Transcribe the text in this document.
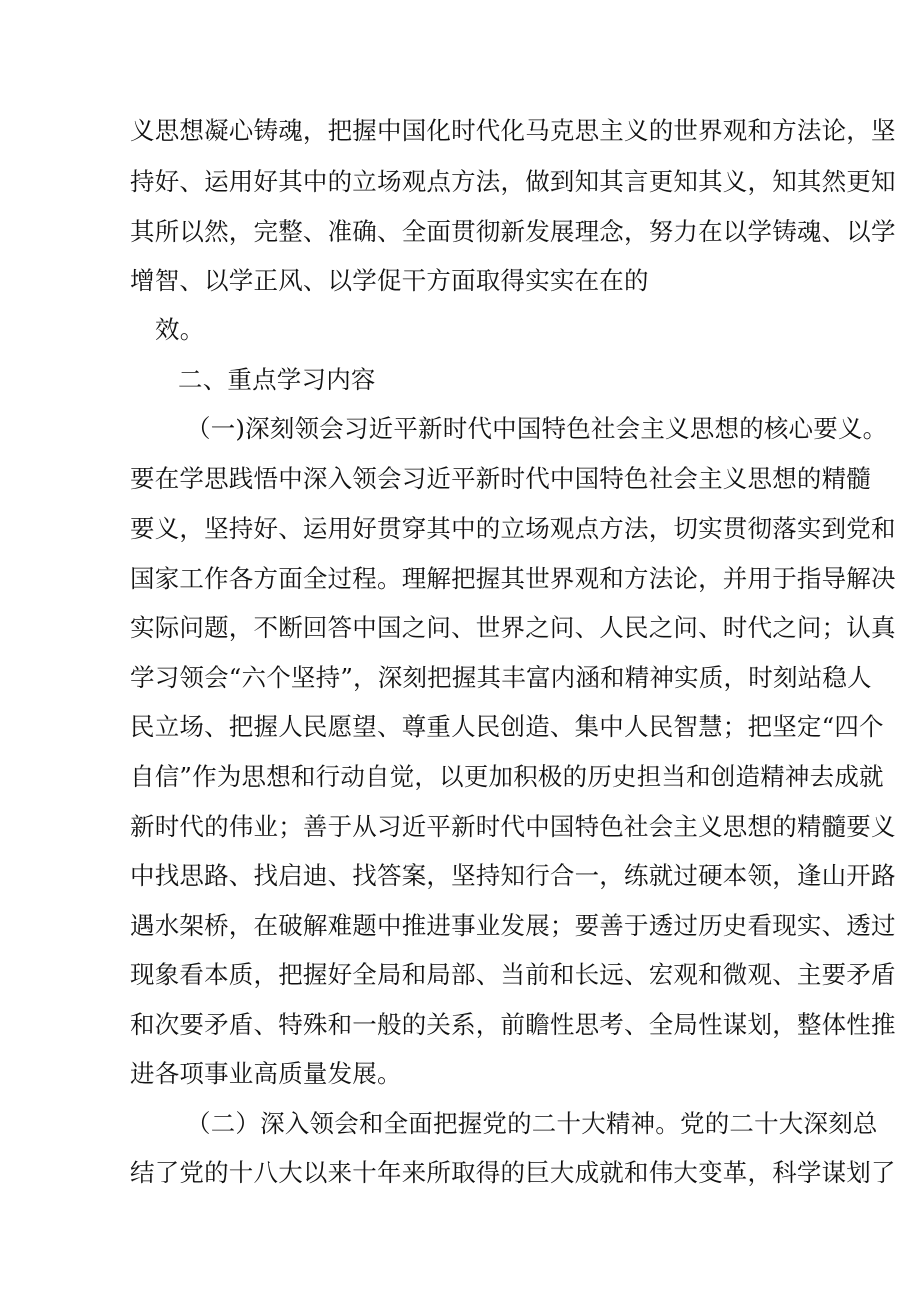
义思想凝心铸魂，把握中国化时代化马克思主义的世界观和方法论，坚
持好、运用好其中的立场观点方法，做到知其言更知其义，知其然更知
其所以然，完整、准确、全面贯彻新发展理念，努力在以学铸魂、以学
增智、以学正风、以学促干方面取得实实在在的
效。
二、重点学习内容
（一)深刻领会习近平新时代中国特色社会主义思想的核心要义。
要在学思践悟中深入领会习近平新时代中国特色社会主义思想的精髓
要义，坚持好、运用好贯穿其中的立场观点方法，切实贯彻落实到党和
国家工作各方面全过程。理解把握其世界观和方法论，并用于指导解决
实际问题，不断回答中国之问、世界之问、人民之问、时代之问；认真
学习领会“六个坚持”，深刻把握其丰富内涵和精神实质，时刻站稳人
民立场、把握人民愿望、尊重人民创造、集中人民智慧；把坚定“四个
自信”作为思想和行动自觉，以更加积极的历史担当和创造精神去成就
新时代的伟业；善于从习近平新时代中国特色社会主义思想的精髓要义
中找思路、找启迪、找答案，坚持知行合一，练就过硬本领，逢山开路
遇水架桥，在破解难题中推进事业发展；要善于透过历史看现实、透过
现象看本质，把握好全局和局部、当前和长远、宏观和微观、主要矛盾
和次要矛盾、特殊和一般的关系，前瞻性思考、全局性谋划，整体性推
进各项事业高质量发展。
（二）深入领会和全面把握党的二十大精神。党的二十大深刻总
结了党的十八大以来十年来所取得的巨大成就和伟大变革，科学谋划了
